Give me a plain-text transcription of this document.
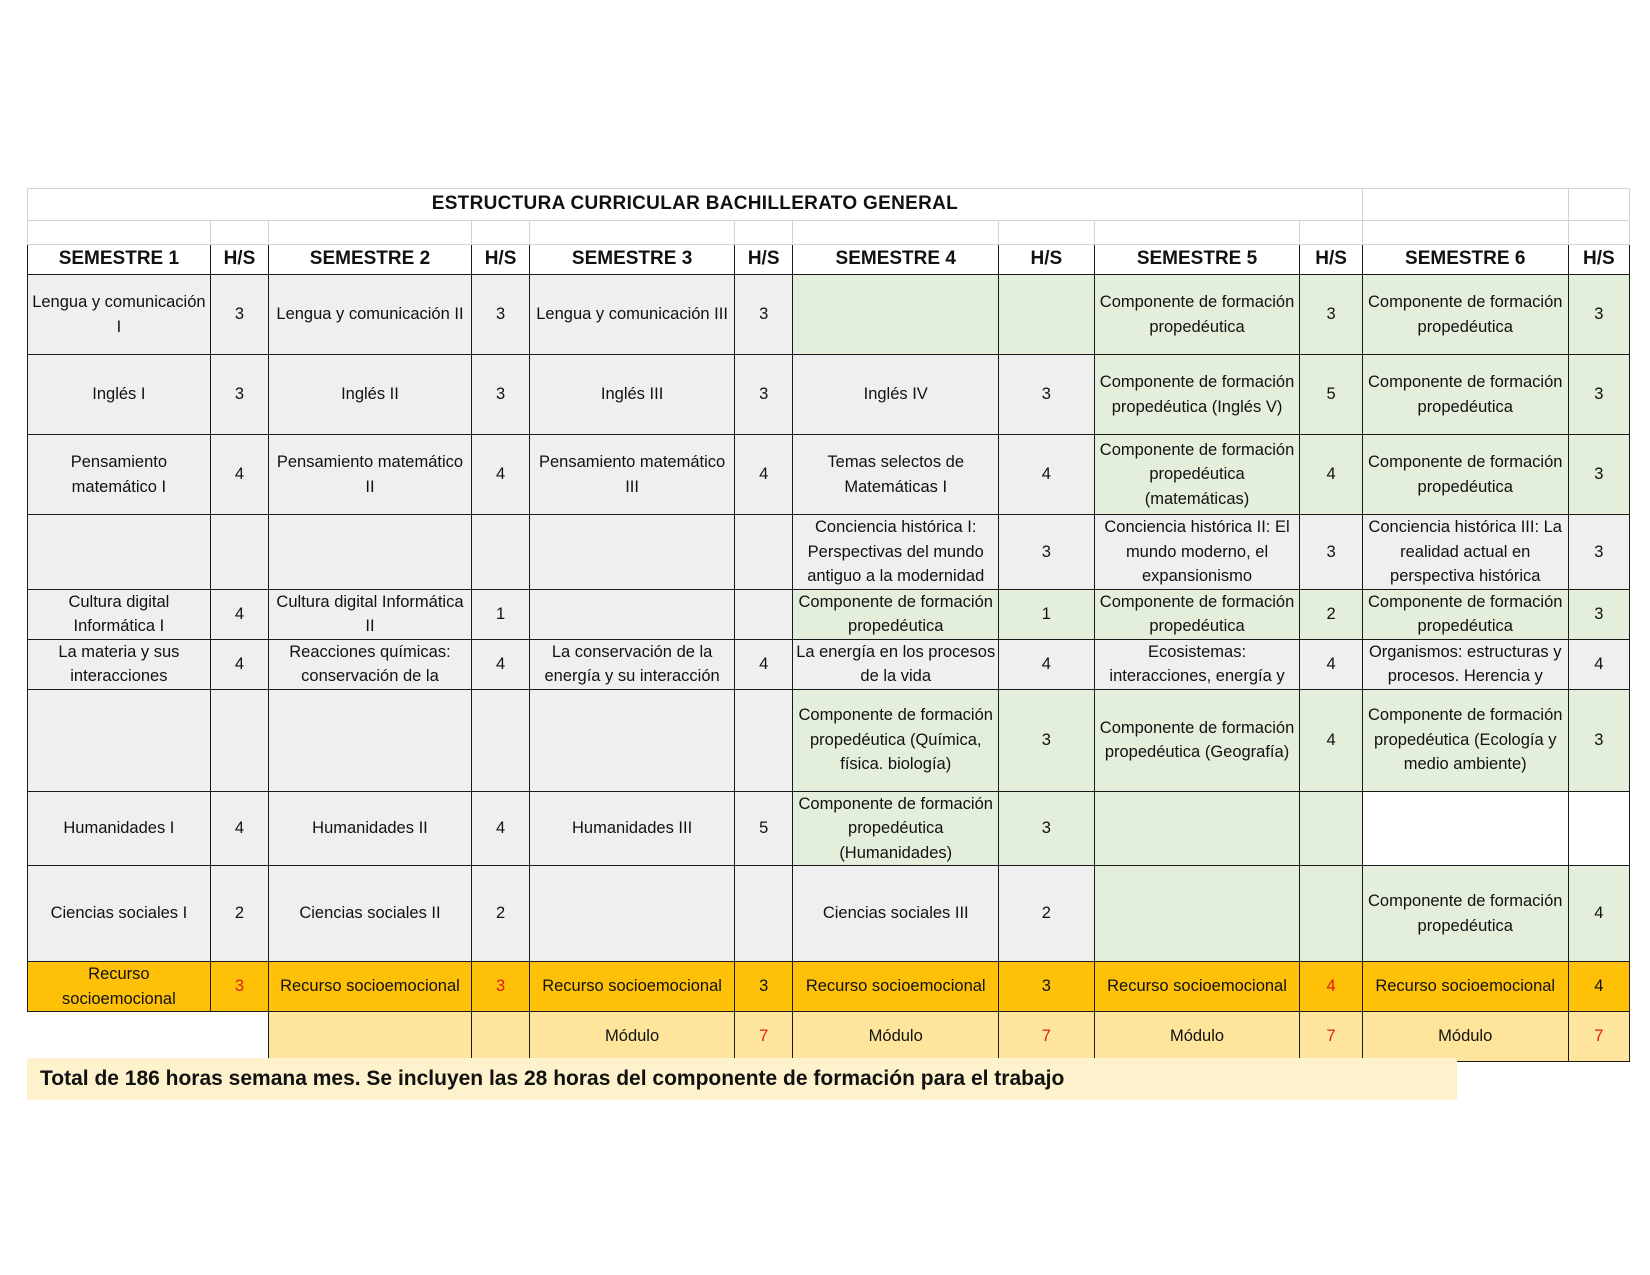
ESTRUCTURA CURRICULAR BACHILLERATO GENERAL											

SEMESTRE 1	H/S	SEMESTRE 2	H/S	SEMESTRE 3	H/S	SEMESTRE 4	H/S	SEMESTRE 5	H/S	SEMESTRE 6	H/S
Lengua y comunicación I	3	Lengua y comunicación II	3	Lengua y comunicación III	3			Componente de formación propedéutica	3	Componente de formación propedéutica	3
Inglés I	3	Inglés II	3	Inglés III	3	Inglés IV	3	Componente de formación propedéutica (Inglés V)	5	Componente de formación propedéutica	3
Pensamiento matemático I	4	Pensamiento matemático II	4	Pensamiento matemático III	4	Temas selectos de Matemáticas I	4	Componente de formación propedéutica (matemáticas)	4	Componente de formación propedéutica	3
						Conciencia histórica I: Perspectivas del mundo antiguo a la modernidad	3	Conciencia histórica II: El mundo moderno, el expansionismo	3	Conciencia histórica III: La realidad actual en perspectiva histórica	3
Cultura digital Informática I	4	Cultura digital Informática II	1			Componente de formación propedéutica	1	Componente de formación propedéutica	2	Componente de formación propedéutica	3
La materia y sus interacciones	4	Reacciones químicas: conservación de la	4	La conservación de la energía y su interacción	4	La energía en los procesos de la vida	4	Ecosistemas: interacciones, energía y	4	Organismos: estructuras y procesos. Herencia y	4
						Componente de formación propedéutica (Química, física. biología)	3	Componente de formación propedéutica (Geografía)	4	Componente de formación propedéutica (Ecología y medio ambiente)	3
Humanidades I	4	Humanidades II	4	Humanidades III	5	Componente de formación propedéutica (Humanidades)	3				
Ciencias sociales I	2	Ciencias sociales II	2			Ciencias sociales III	2			Componente de formación propedéutica	4
Recurso socioemocional	3	Recurso socioemocional	3	Recurso socioemocional	3	Recurso socioemocional	3	Recurso socioemocional	4	Recurso socioemocional	4
				Módulo	7	Módulo	7	Módulo	7	Módulo	7
Total de 186 horas semana mes. Se incluyen las 28 horas del componente de formación para el trabajo
